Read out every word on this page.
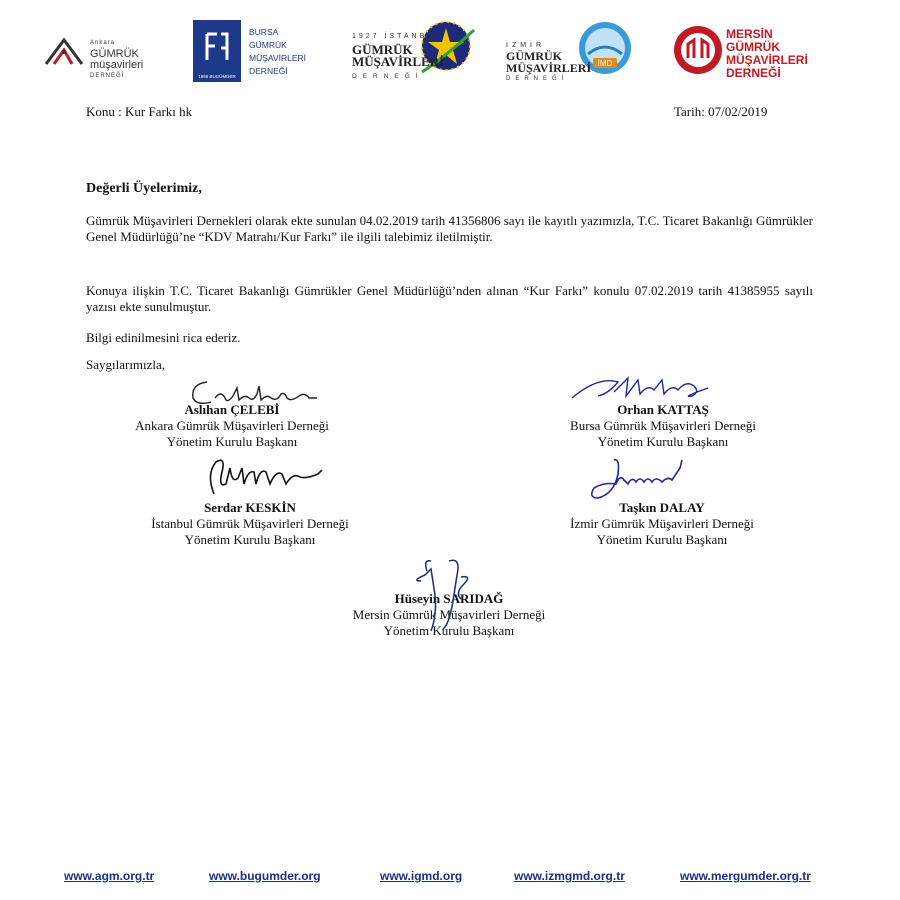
Ankara
GÜMRÜK
müşavirleri
DERNEĞİ	1998 BUGÜMDER
BURSA
GÜMRÜK
MÜŞAVİRLERİ
DERNEĞİ
1927 İSTANBUL
GÜMRÜK
MÜŞAVİRLERİ
DERNEĞİ
İMD
İZMİR
GÜMRÜK
MÜŞAVİRLERİ
DERNEĞİ
MERSİN
GÜMRÜK
MÜŞAVİRLERİ
DERNEĞİ
Konu : Kur Farkı hk	Tarih: 07/02/2019
Değerli Üyelerimiz,
Gümrük Müşavirleri Dernekleri olarak ekte sunulan 04.02.2019 tarih 41356806 sayı ile kayıtlı yazımızla, T.C. Ticaret Bakanlığı Gümrükler Genel Müdürlüğü’ne “KDV Matrahı/Kur Farkı” ile ilgili talebimiz iletilmiştir.
Konuya ilişkin T.C. Ticaret Bakanlığı Gümrükler Genel Müdürlüğü’nden alınan “Kur Farkı” konulu 07.02.2019 tarih 41385955 sayılı yazısı ekte sunulmuştur.
Bilgi edinilmesini rica ederiz.
Saygılarımızla,
Aslıhan ÇELEBİ
Ankara Gümrük Müşavirleri Derneği
Yönetim Kurulu Başkanı
Orhan KATTAŞ
Bursa Gümrük Müşavirleri Derneği
Yönetim Kurulu Başkanı
Serdar KESKİN
İstanbul Gümrük Müşavirleri Derneği
Yönetim Kurulu Başkanı
Taşkın DALAY
İzmir Gümrük Müşavirleri Derneği
Yönetim Kurulu Başkanı
Hüseyin SARIDAĞ
Mersin Gümrük Müşavirleri Derneği
Yönetim Kurulu Başkanı
www.agm.org.tr	www.bugumder.org	www.igmd.org	www.izmgmd.org.tr	www.mergumder.org.tr
